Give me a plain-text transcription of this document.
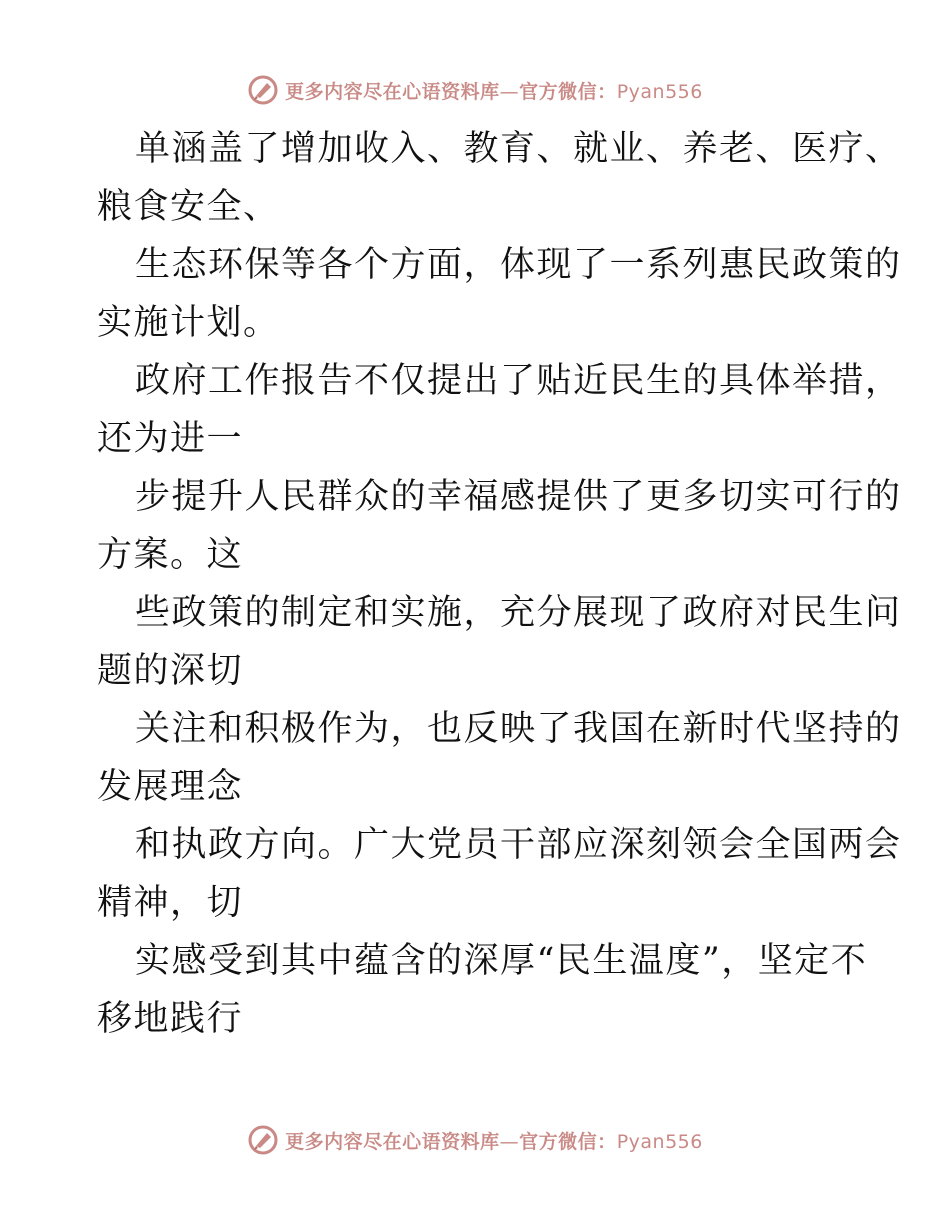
更多内容尽在心语资料库—官方微信：Pyan556
单涵盖了增加收入、教育、就业、养老、医疗、
粮食安全、
生态环保等各个方面，体现了一系列惠民政策的
实施计划。
政府工作报告不仅提出了贴近民生的具体举措，
还为进一
步提升人民群众的幸福感提供了更多切实可行的
方案。这
些政策的制定和实施，充分展现了政府对民生问
题的深切
关注和积极作为，也反映了我国在新时代坚持的
发展理念
和执政方向。广大党员干部应深刻领会全国两会
精神，切
实感受到其中蕴含的深厚“民生温度”，坚定不
移地践行
更多内容尽在心语资料库—官方微信：Pyan556
